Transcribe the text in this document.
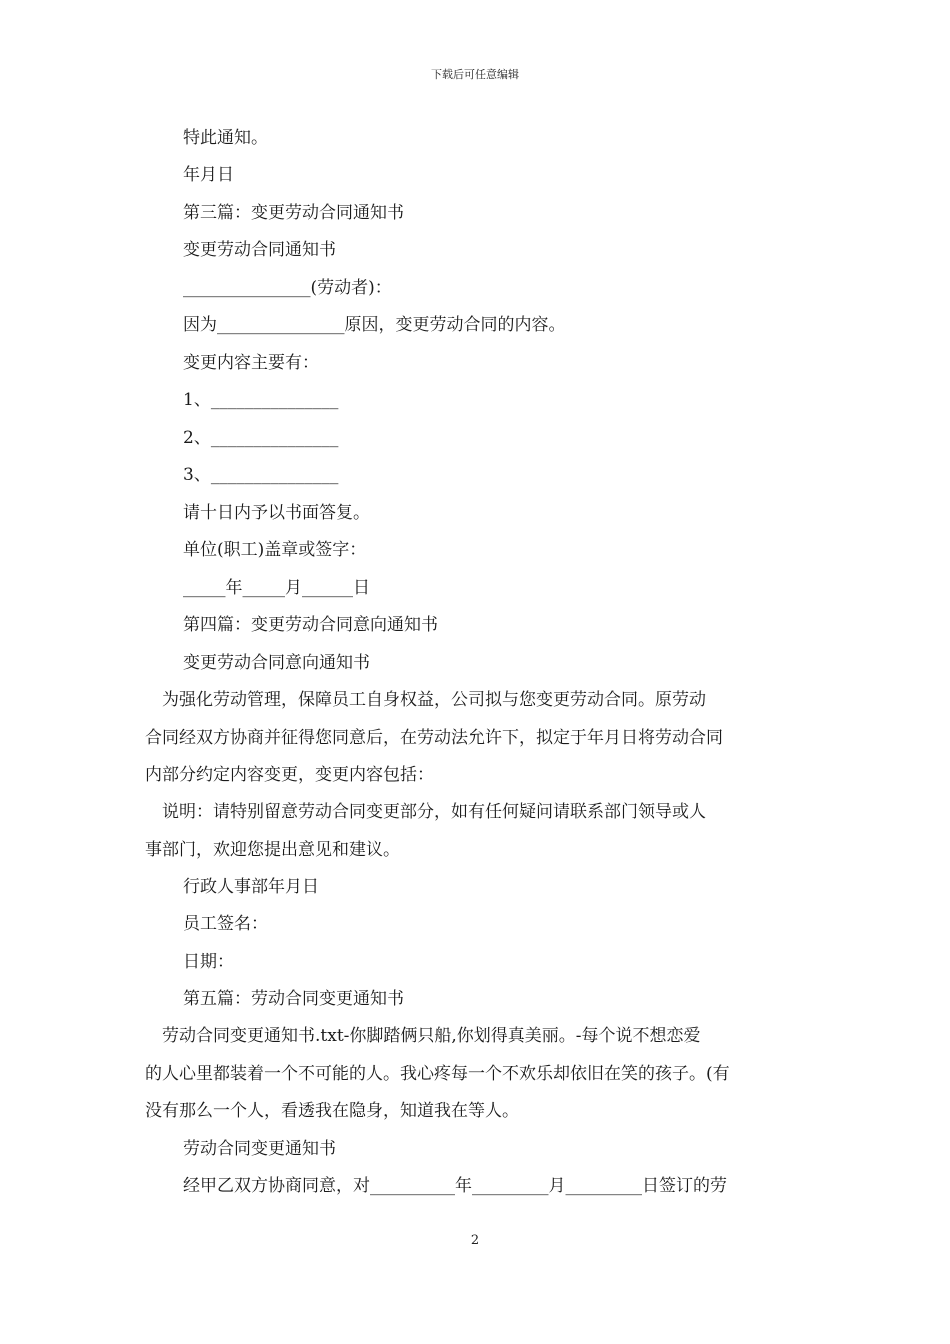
下载后可任意编辑
特此通知。
年月日
第三篇：变更劳动合同通知书
变更劳动合同通知书
_______________(劳动者)：
因为_______________原因，变更劳动合同的内容。
变更内容主要有：
1、_______________
2、_______________
3、_______________
请十日内予以书面答复。
单位(职工)盖章或签字：
_____年_____月______日
第四篇：变更劳动合同意向通知书
变更劳动合同意向通知书

　为强化劳动管理，保障员工自身权益，公司拟与您变更劳动合同。原劳动

合同经双方协商并征得您同意后，在劳动法允许下，拟定于年月日将劳动合同

内部分约定内容变更，变更内容包括：

　说明：请特别留意劳动合同变更部分，如有任何疑问请联系部门领导或人

事部门，欢迎您提出意见和建议。

行政人事部年月日
员工签名：
日期：
第五篇：劳动合同变更通知书

　劳动合同变更通知书.txt-你脚踏俩只船,你划得真美丽。-每个说不想恋爱

的人心里都装着一个不可能的人。我心疼每一个不欢乐却依旧在笑的孩子。(有

没有那么一个人，看透我在隐身，知道我在等人。

劳动合同变更通知书
经甲乙双方协商同意，对__________年_________月_________日签订的劳
2
